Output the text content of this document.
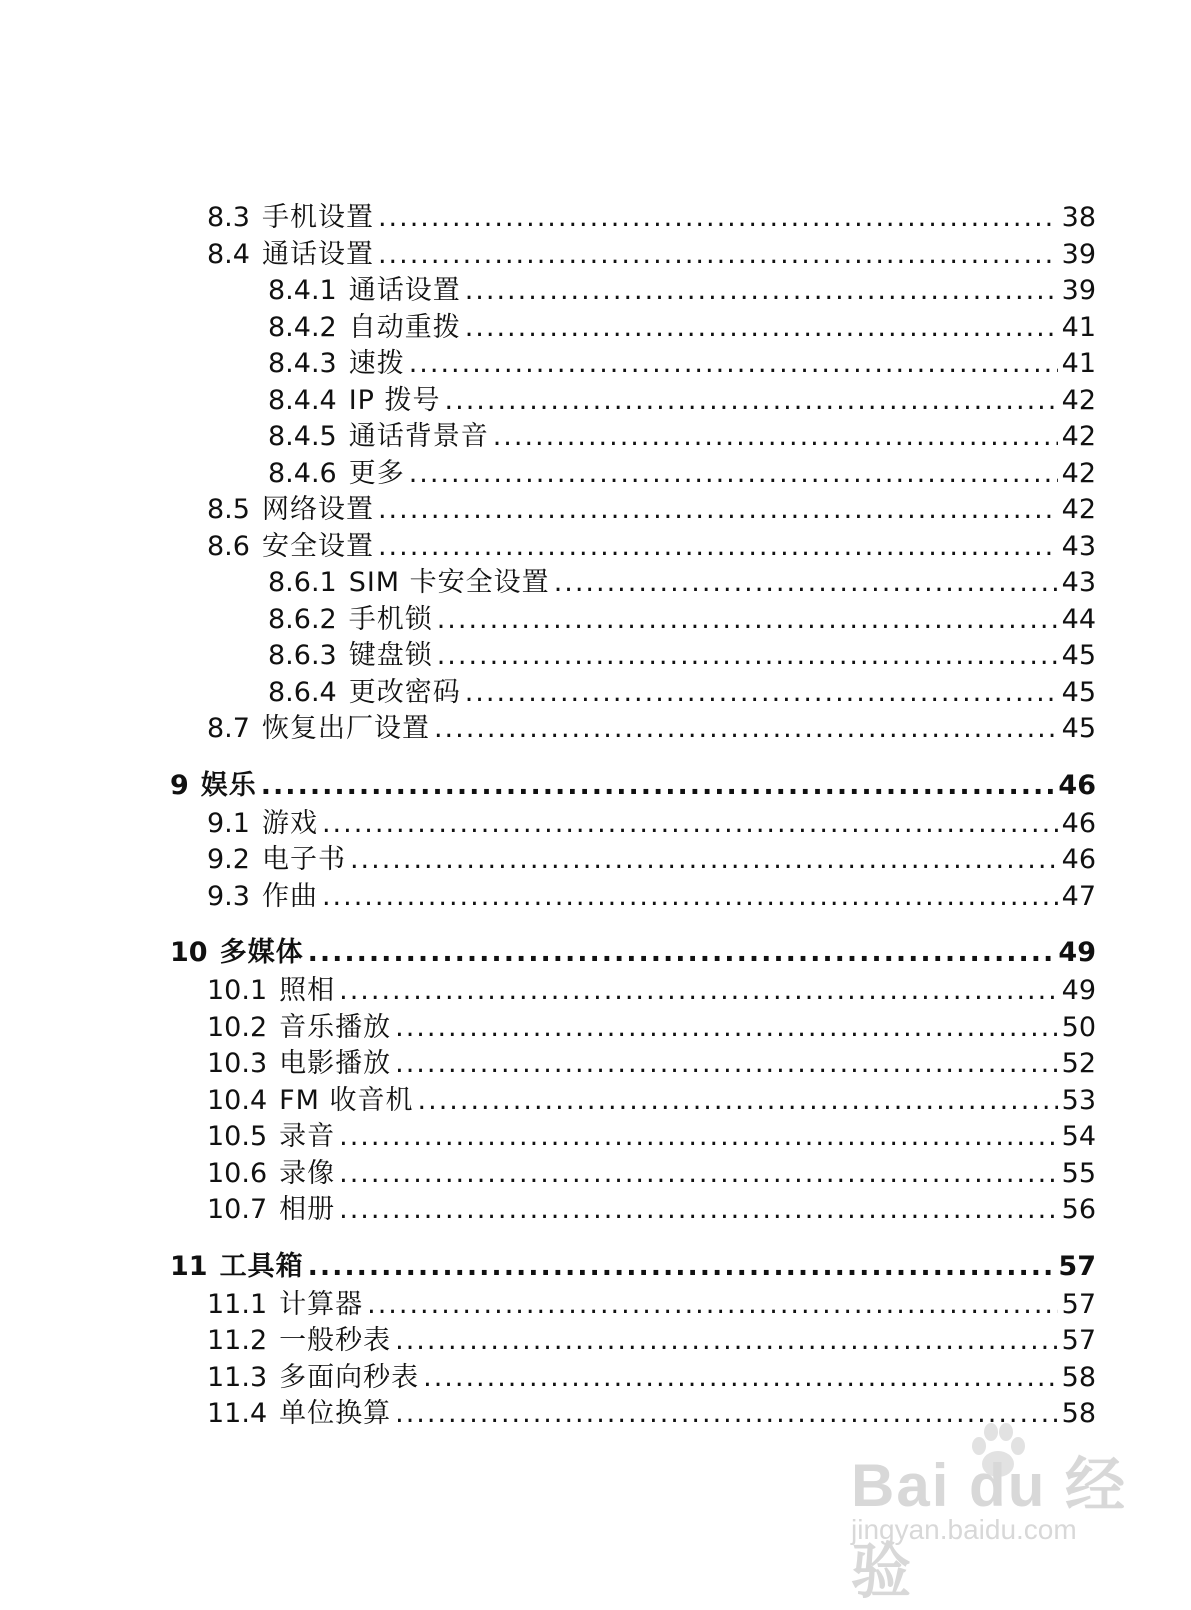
8.3 手机设置 .....	38
8.4 通话设置 .....	39
8.4.1 通话设置 .....	39
8.4.2 自动重拨 .....	41
8.4.3 速拨 .....	41
8.4.4 IP 拨号 .....	42
8.4.5 通话背景音 .....	42
8.4.6 更多 .....	42
8.5 网络设置 .....	42
8.6 安全设置 .....	43
8.6.1 SIM 卡安全设置 .....	43
8.6.2 手机锁 .....	44
8.6.3 键盘锁 .....	45
8.6.4 更改密码 .....	45
8.7 恢复出厂设置 .....	45
9 娱乐 .....	46
9.1 游戏 .....	46
9.2 电子书 .....	46
9.3 作曲 .....	47
10 多媒体 .....	49
10.1 照相 .....	49
10.2 音乐播放 .....	50
10.3 电影播放 .....	52
10.4 FM 收音机 .....	53
10.5 录音 .....	54
10.6 录像 .....	55
10.7 相册 .....	56
11 工具箱 .....	57
11.1 计算器 .....	57
11.2 一般秒表 .....	57
11.3 多面向秒表 .....	58
11.4 单位换算 .....	58
Bai du 经验
jingyan.baidu.com
